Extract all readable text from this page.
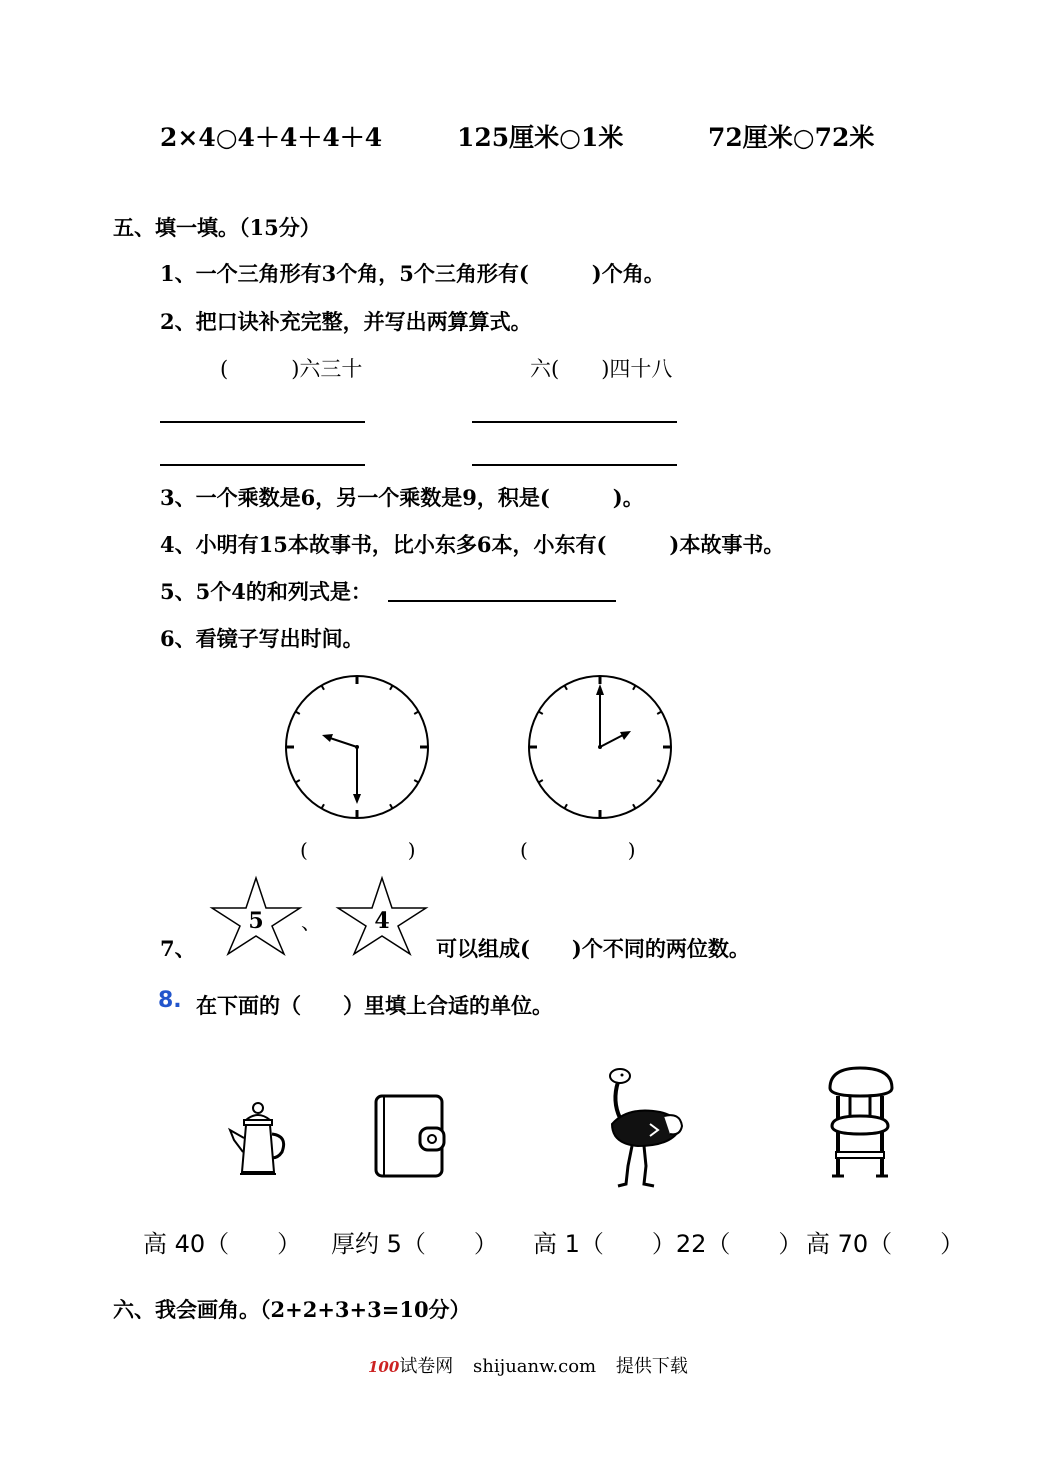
2×4○4＋4＋4＋4	125厘米○1米	72厘米○72米
五、填一填。（15分）
1、一个三角形有3个角，5个三角形有(　　　)个角。
2、把口诀补充完整，并写出两算算式。
(　　　)六三十	六(　　)四十八
3、一个乘数是6，另一个乘数是9，积是(　　　)。
4、小明有15本故事书，比小东多6本，小东有(　　　)本故事书。
5、5个4的和列式是：
6、看镜子写出时间。
(　　　　　)	(　　　　　)
7、
5 、 4
可以组成(　　)个不同的两位数。
8. 在下面的（　　）里填上合适的单位。
高 40（　　） 厚约 5（　　） 高 1（　　）22（　　） 高 70（　　）
六、我会画角。（2+2+3+3=10分）
100试卷网 shijuanw.com 提供下载
